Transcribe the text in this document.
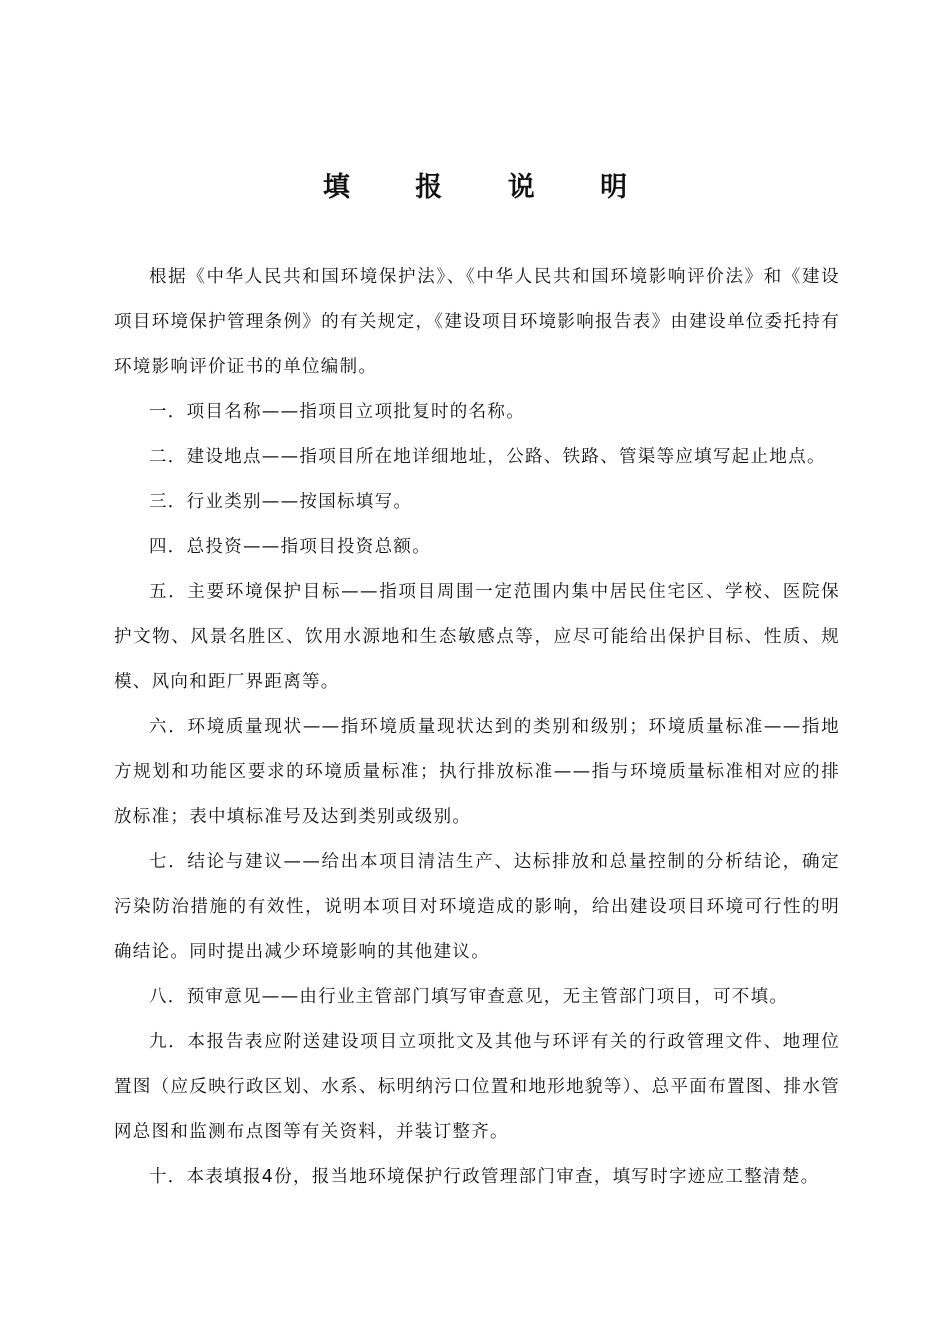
填 报 说 明

根据《中华人民共和国环境保护法》、《中华人民共和国环境影响评价法》和《建设项目环境保护管理条例》的有关规定，《建设项目环境影响报告表》由建设单位委托持有环境影响评价证书的单位编制。

一．项目名称——指项目立项批复时的名称。

二．建设地点——指项目所在地详细地址，公路、铁路、管渠等应填写起止地点。

三．行业类别——按国标填写。

四．总投资——指项目投资总额。

五．主要环境保护目标——指项目周围一定范围内集中居民住宅区、学校、医院保护文物、风景名胜区、饮用水源地和生态敏感点等，应尽可能给出保护目标、性质、规模、风向和距厂界距离等。

六．环境质量现状——指环境质量现状达到的类别和级别；环境质量标准——指地方规划和功能区要求的环境质量标准；执行排放标准——指与环境质量标准相对应的排放标准；表中填标准号及达到类别或级别。

七．结论与建议——给出本项目清洁生产、达标排放和总量控制的分析结论，确定污染防治措施的有效性，说明本项目对环境造成的影响，给出建设项目环境可行性的明确结论。同时提出减少环境影响的其他建议。

八．预审意见——由行业主管部门填写审查意见，无主管部门项目，可不填。

九．本报告表应附送建设项目立项批文及其他与环评有关的行政管理文件、地理位置图（应反映行政区划、水系、标明纳污口位置和地形地貌等）、总平面布置图、排水管网总图和监测布点图等有关资料，并装订整齐。

十．本表填报4份，报当地环境保护行政管理部门审查，填写时字迹应工整清楚。
